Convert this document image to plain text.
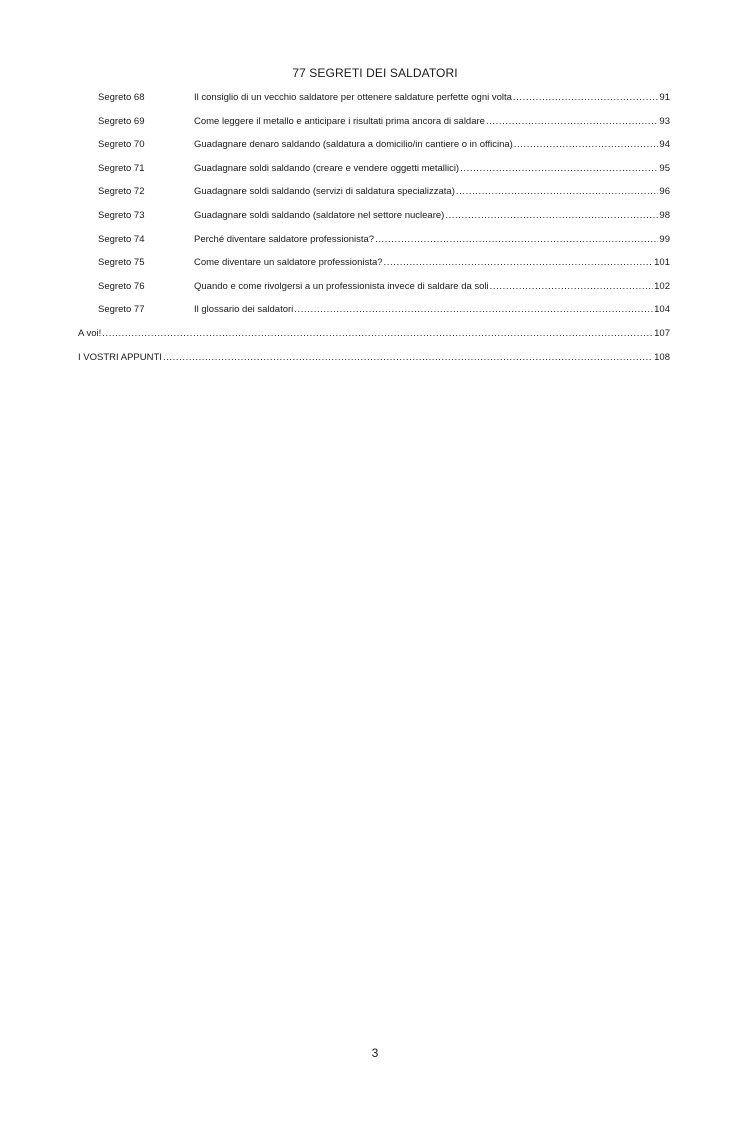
77 SEGRETI DEI SALDATORI
Segreto 68	Il consiglio di un vecchio saldatore per ottenere saldature perfette ogni volta .....	91
Segreto 69	Come leggere il metallo e anticipare i risultati prima ancora di saldare .....	93
Segreto 70	Guadagnare denaro saldando (saldatura a domicilio/in cantiere o in officina) .....	94
Segreto 71	Guadagnare soldi saldando (creare e vendere oggetti metallici) .....	95
Segreto 72	Guadagnare soldi saldando (servizi di saldatura specializzata) .....	96
Segreto 73	Guadagnare soldi saldando (saldatore nel settore nucleare) .....	98
Segreto 74	Perché diventare saldatore professionista? .....	99
Segreto 75	Come diventare un saldatore professionista? .....	101
Segreto 76	Quando e come rivolgersi a un professionista invece di saldare da soli .....	102
Segreto 77	Il glossario dei saldatori .....	104
A voi! .....	107
I VOSTRI APPUNTI .....	108
3
